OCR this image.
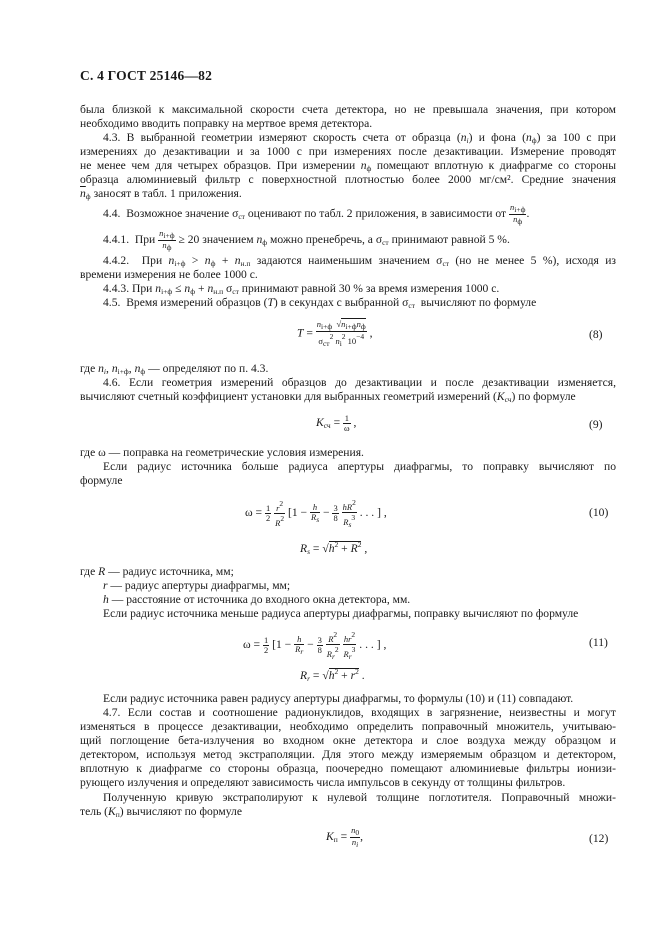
С. 4 ГОСТ 25146—82
была близкой к максимальной скорости счета детектора, но не превышала значения, при котором
необходимо вводить поправку на мертвое время детектора.
4.3. В выбранной геометрии измеряют скорость счета от образца $(n_i)$ и фона $(n_ф)$ за 100 с при
измерениях до дезактивации и за 1000 с при измерениях после дезактивации. Измерение проводят
не менее чем для четырех образцов. При измерении $n_ф$ помещают вплотную к диафрагме со стороны
образца алюминиевый фильтр с поверхностной плотностью более 2000 мг/см². Средние значения
$\overline{n}_ф$ заносят в табл. 1 приложения.
4.4.  Возможное значение $\sigma_{ст}$ оценивают по табл. 2 приложения, в зависимости от $\frac{ni+ф}{nф}$ .
4.4.1.  При $\frac{ni+ф}{nф} \ge 20$ значением $n_ф$ можно пренебречь, а $\sigma_{ст}$ принимают равной 5 %.
4.4.2.  При $n_{i+ф} > n_ф + n_{н.п}$ задаются наименьшим значением $\sigma_{ст}$ (но не менее 5 %), исходя из
времени измерения не более 1000 с.
4.4.3. При $n_{i+ф} \le n_ф + n_{н.п}$ $\sigma_{ст}$ принимают равной 30 % за время измерения 1000 с.
4.5.  Время измерений образцов (T) в секундах с выбранной $\sigma_{ст}$  вычисляют по формуле
$T = \frac{\text{ni+ф  √ni+фnф}}{\text{σст2 ni2 10−4}}$ ,	(8)
где $n_i$, $n_{i+ф}$, $n_ф$ — определяют по п. 4.3.
4.6. Если геометрия измерений образцов до дезактивации и после дезактивации изменяется,
вычисляют счетный коэффициент установки для выбранных геометрий измерений $(K_{сч})$ по формуле
$K_{сч} = \frac{1}{\omega}$ ,	(9)
где ω — поправка на геометрические условия измерения.
Если радиус источника больше радиуса апертуры диафрагмы, то поправку вычисляют по
формуле
$\omega = \frac{1}{2}$
$\frac{r2}{R2} [1 - \frac{h}{Rs} - \frac{3}{8}$
$\frac{hR2}{Rs3}$ . . . ] ,	(10)
$R_s = √h^2 + R^2$ ,
где R — радиус источника, мм;
r — радиус апертуры диафрагмы, мм;
h — расстояние от источника до входного окна детектора, мм.
Если радиус источника меньше радиуса апертуры диафрагмы, поправку вычисляют по формуле
$\omega = \frac{1}{2} [1 - \frac{h}{Rr} - \frac{3}{8}$
$\frac{R2}{Rr2}$
$\frac{hr2}{Rr3}$ . . . ] ,	(11)
$R_r = √h^2 + r^2$ .
Если радиус источника равен радиусу апертуры диафрагмы, то формулы (10) и (11) совпадают.
4.7. Если состав и соотношение радионуклидов, входящих в загрязнение, неизвестны и могут
изменяться в процессе дезактивации, необходимо определить поправочный множитель, учитываю-
щий поглощение бета-излучения во входном окне детектора и слое воздуха между образцом и
детектором, используя метод экстраполяции. Для этого между измеряемым образцом и детектором,
вплотную к диафрагме со стороны образца, поочередно помещают алюминиевые фильтры ионизи-
рующего излучения и определяют зависимость числа импульсов в секунду от толщины фильтров.
Полученную кривую экстраполируют к нулевой толщине поглотителя. Поправочный множи-
тель $(K_п)$ вычисляют по формуле
$K_п = \frac{n0}{ni}$ ,	(12)
